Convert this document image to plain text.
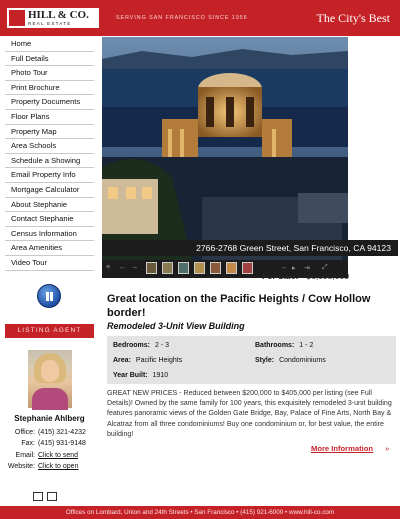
HILL & CO.
REAL ESTATE
SERVING SAN FRANCISCO SINCE 1956	The City's Best
Home
Full Details
Photo Tour
Print Brochure
Property Documents
Floor Plans
Property Map
Area Schools
Schedule a Showing
Email Property Info
Mortgage Calculator
About Stephanie
Contact Stephanie
Census Information
Area Amenities
Video Tour
LISTING AGENT
Stephanie Ahlberg
Office: (415) 321-4232
Fax: (415) 931-9148
Email: Click to send
Website: Click to open
≡ ← –	→ ▸ ⇥ ⤢
2766-2768 Green Street, San Francisco, CA 94123
For Sale: $6,095,000
Great location on the Pacific Heights / Cow Hollow border!
Remodeled 3-Unit View Building
Bedrooms: 2 - 3	Bathrooms: 1 - 2
Area: Pacific Heights	Style: Condominiums
Year Built: 1910
GREAT NEW PRICES - Reduced between $200,000 to $405,000 per listing (see Full Details)! Owned by the same family for 100 years, this exquisitely remodeled 3-unit building features panoramic views of the Golden Gate Bridge, Bay, Palace of Fine Arts, North Bay & Alcatraz from all three condominiums! Buy one condominium or, for best value, the entire building!
More Information »
Offices on Lombard, Union and 24th Streets • San Francisco • (415) 921-6000 • www.hill-co.com
